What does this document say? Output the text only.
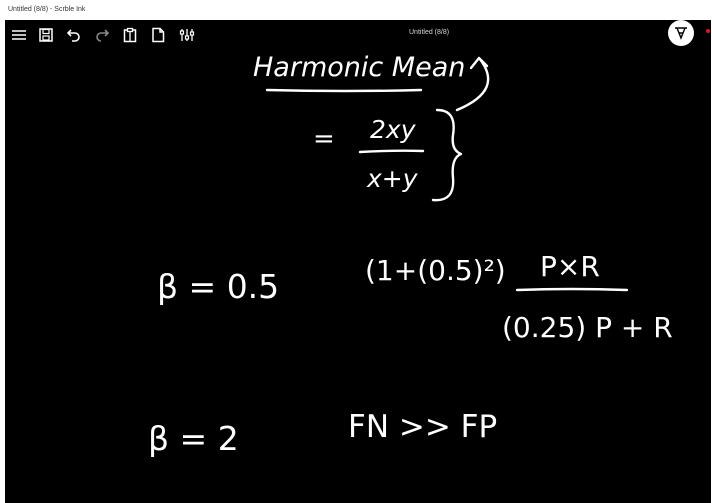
Untitled (8/8) - Scrble Ink
Untitled (8/8)
Harmonic Mean
= 2xy
x+y
β = 0.5	(1+(0.5)²) P×R
(0.25) P + R
β = 2	FN >> FP
